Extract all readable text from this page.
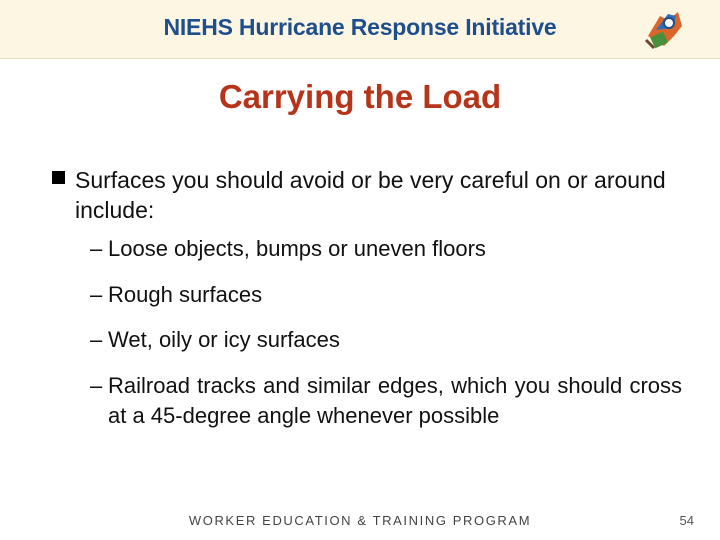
NIEHS Hurricane Response Initiative
Carrying the Load
Surfaces you should avoid or be very careful on or around include:
– Loose objects, bumps or uneven floors
– Rough surfaces
– Wet, oily or icy surfaces
– Railroad tracks and similar edges, which you should cross at a 45-degree angle whenever possible
WORKER EDUCATION & TRAINING PROGRAM	54
